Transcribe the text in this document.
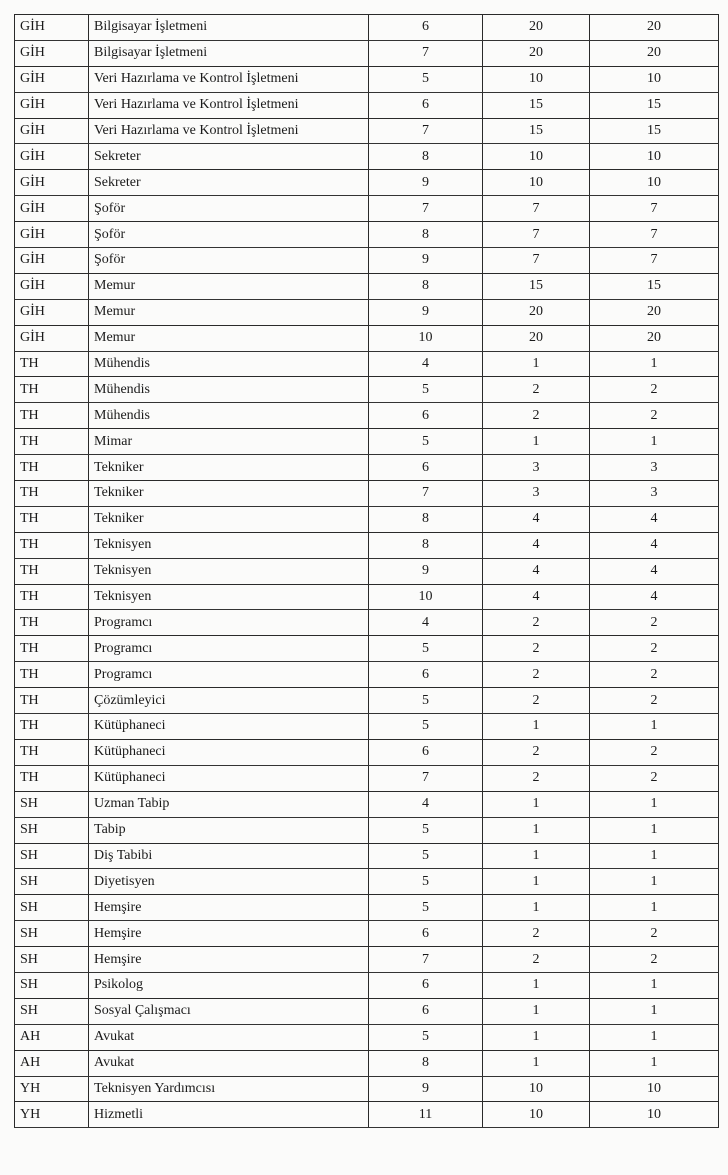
GİH	Bilgisayar İşletmeni	6	20	20
GİH	Bilgisayar İşletmeni	7	20	20
GİH	Veri Hazırlama ve Kontrol İşletmeni	5	10	10
GİH	Veri Hazırlama ve Kontrol İşletmeni	6	15	15
GİH	Veri Hazırlama ve Kontrol İşletmeni	7	15	15
GİH	Sekreter	8	10	10
GİH	Sekreter	9	10	10
GİH	Şoför	7	7	7
GİH	Şoför	8	7	7
GİH	Şoför	9	7	7
GİH	Memur	8	15	15
GİH	Memur	9	20	20
GİH	Memur	10	20	20
TH	Mühendis	4	1	1
TH	Mühendis	5	2	2
TH	Mühendis	6	2	2
TH	Mimar	5	1	1
TH	Tekniker	6	3	3
TH	Tekniker	7	3	3
TH	Tekniker	8	4	4
TH	Teknisyen	8	4	4
TH	Teknisyen	9	4	4
TH	Teknisyen	10	4	4
TH	Programcı	4	2	2
TH	Programcı	5	2	2
TH	Programcı	6	2	2
TH	Çözümleyici	5	2	2
TH	Kütüphaneci	5	1	1
TH	Kütüphaneci	6	2	2
TH	Kütüphaneci	7	2	2
SH	Uzman Tabip	4	1	1
SH	Tabip	5	1	1
SH	Diş Tabibi	5	1	1
SH	Diyetisyen	5	1	1
SH	Hemşire	5	1	1
SH	Hemşire	6	2	2
SH	Hemşire	7	2	2
SH	Psikolog	6	1	1
SH	Sosyal Çalışmacı	6	1	1
AH	Avukat	5	1	1
AH	Avukat	8	1	1
YH	Teknisyen Yardımcısı	9	10	10
YH	Hizmetli	11	10	10
